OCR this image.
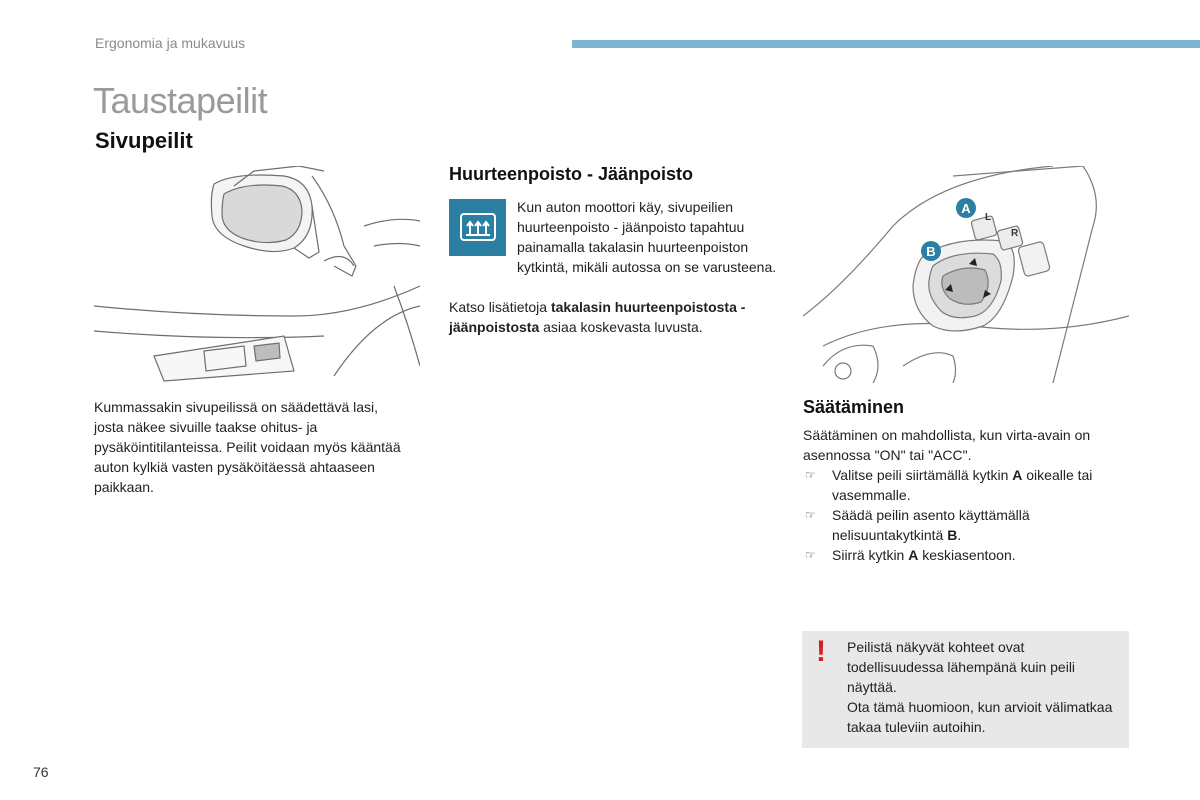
Ergonomia ja mukavuus
Taustapeilit
Sivupeilit
Kummassakin sivupeilissä on säädettävä lasi, josta näkee sivuille taakse ohitus- ja pysäköintitilanteissa. Peilit voidaan myös kääntää auton kylkiä vasten pysäköitäessä ahtaaseen paikkaan.
Huurteenpoisto - Jäänpoisto
Kun auton moottori käy, sivupeilien huurteenpoisto - jäänpoisto tapahtuu painamalla takalasin huurteenpoiston kytkintä, mikäli autossa on se varusteena.
Katso lisätietoja takalasin huurteenpoistosta - jäänpoistosta asiaa koskevasta luvusta.
A
B
L
R
Säätäminen
Säätäminen on mahdollista, kun virta-avain on asennossa "ON" tai "ACC".
☞ Valitse peili siirtämällä kytkin A oikealle tai vasemmalle.
☞ Säädä peilin asento käyttämällä nelisuuntakytkintä B.
☞ Siirrä kytkin A keskiasentoon.
! Peilistä näkyvät kohteet ovat todellisuudessa lähempänä kuin peili näyttää.
Ota tämä huomioon, kun arvioit välimatkaa takaa tuleviin autoihin.
76
